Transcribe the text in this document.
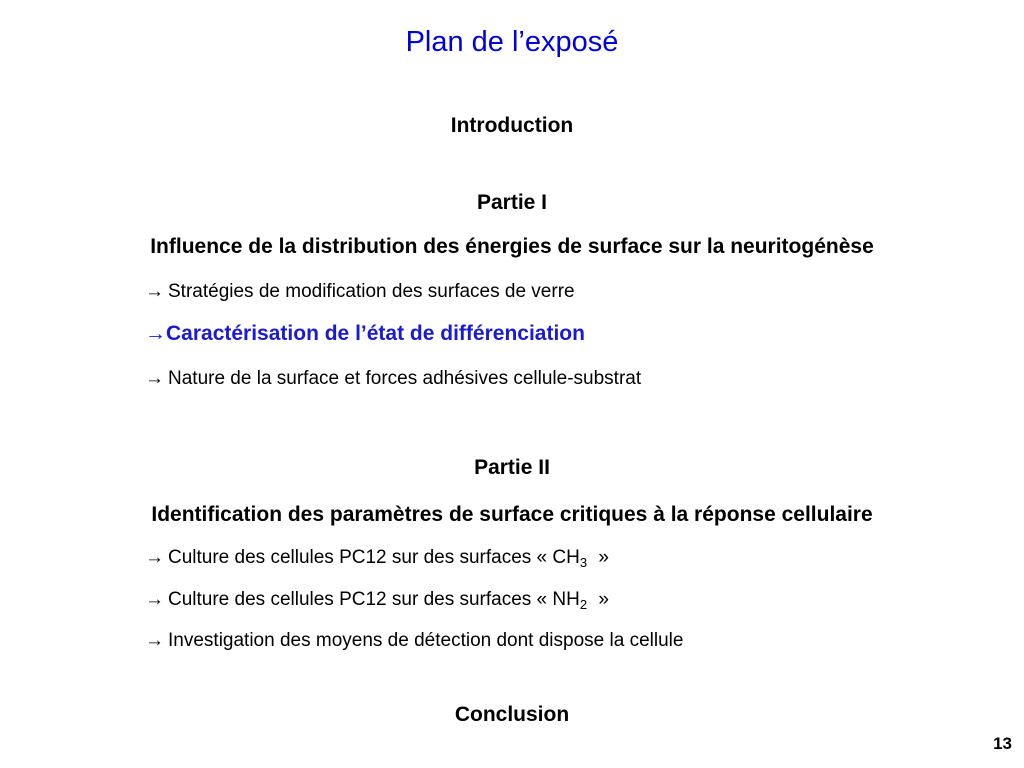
Plan de l’exposé
Introduction
Partie I
Influence de la distribution des énergies de surface sur la neuritogénèse
→ Stratégies de modification des surfaces de verre
→Caractérisation de l’état de différenciation
→ Nature de la surface et forces adhésives cellule-substrat
Partie II
Identification des paramètres de surface critiques à la réponse cellulaire
→ Culture des cellules PC12 sur des surfaces « $CH_3$ »
→ Culture des cellules PC12 sur des surfaces « $NH_2$ »
→ Investigation des moyens de détection dont dispose la cellule
Conclusion
13
